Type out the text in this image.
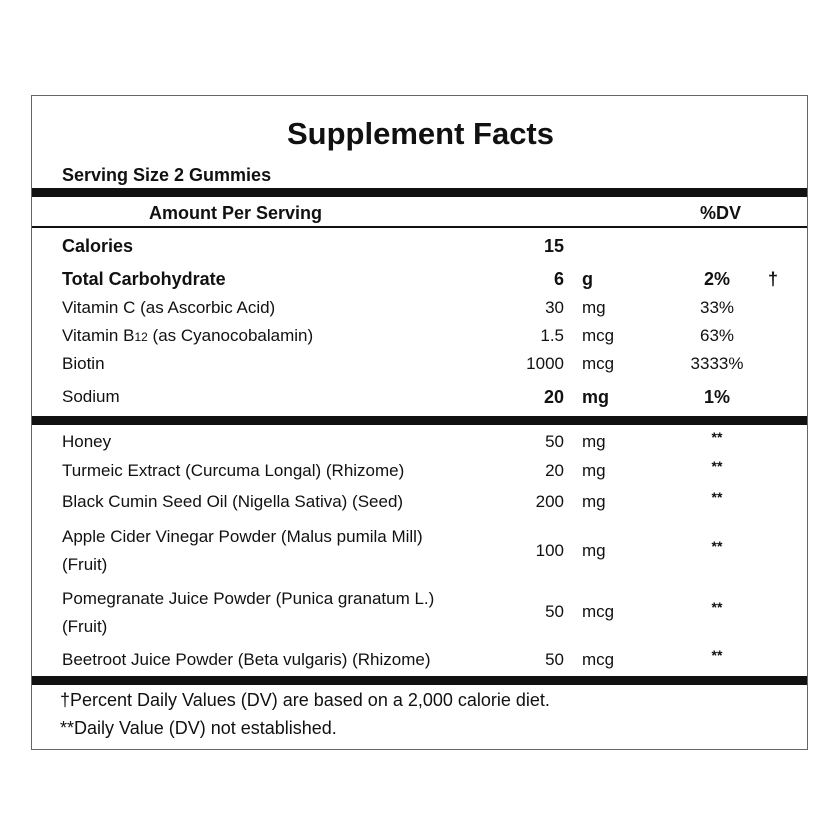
Supplement Facts
Serving Size 2 Gummies
Amount Per Serving	%DV
Calories	15
Total Carbohydrate	6 g	2%	†
Vitamin C (as Ascorbic Acid)	30 mg	33%
Vitamin B12 (as Cyanocobalamin)	1.5 mcg	63%
Biotin	1000 mcg	3333%
Sodium	20 mg	1%
Honey	50 mg	**
Turmeic Extract (Curcuma Longal) (Rhizome)	20 mg	**
Black Cumin Seed Oil (Nigella Sativa) (Seed)	200 mg	**
Apple Cider Vinegar Powder (Malus pumila Mill)
(Fruit)
100 mg	**
Pomegranate Juice Powder (Punica granatum L.)
(Fruit)
50 mcg	**
Beetroot Juice Powder (Beta vulgaris) (Rhizome)	50 mcg	**
†Percent Daily Values (DV) are based on a 2,000 calorie diet.
**Daily Value (DV) not established.
